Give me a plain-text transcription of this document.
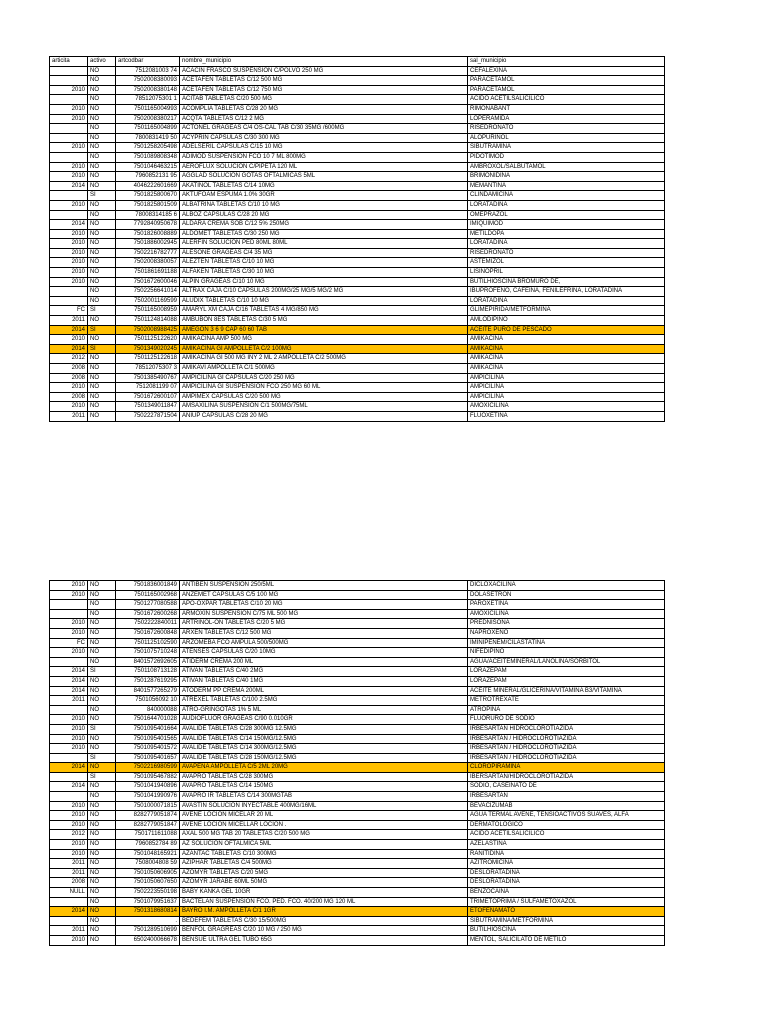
articita	activo	artcodbar	nombre_municipio	sal_municipio
	NO	7512081003 74	ACACIN FRASCO SUSPENSION C/POLVO 250 MG	CEFALEXINA
	NO	7502008380093	ACETAFEN TABLETAS C/12 500 MG	PARACETAMOL
2010	NO	7502008380148	ACETAFEN TABLETAS C/12 750 MG	PARACETAMOL
	NO	78512075301 1	ACITAB TABLETAS C/20 500 MG	ACIDO ACETILSALICILICO
2010	NO	7501165004993	ACOMPLIA TABLETAS C/28 20 MG	RIMONABANT
2010	NO	7502008380217	ACQTA TABLETAS C/12 2 MG	LOPERAMIDA
	NO	7501165004899	ACTONEL GRAGEAS C/4 OS-CAL TAB C/30 35MG /600MG	RISEDRONATO
	NO	7800831419 50	ACYPRIN CAPSULAS C/30 300 MG	ALOPURINOL
2010	NO	7501258205498	ADELSERIL CAPSULAS C/15 10 MG	SIBUTRAMINA
	NO	7501089808348	ADIMOD SUSPENSION FCO 10 7 ML 800MG	PIDOTIMOD
2010	NO	7501046463215	AEROFLUX SOLUCION C/PIPETA 120 ML	AMBROXOL/SALBUTAMOL
2010	NO	7960852131 95	AGGLAD SOLUCION GOTAS OFTALMICAS 5ML	BRIMONIDINA
2014	NO	4046222601669	AKATINOL TABLETAS C/14 10MG	MEMANTINA
	SI	7501825800670	AKTUFOAM ESPUMA 1.0% 30GR	CLINDAMICINA
2010	NO	7501825801509	ALBATRINA TABLETAS C/10 10 MG	LORATADINA
	NO	78008314185 6	ALBOZ CAPSULAS C/28 20 MG	OMEPRAZOL
2014	NO	7792840950678	ALDARA CREMA SOB C/12 5% 250MG	IMIQUIMOD
2010	NO	7501826008889	ALDOMET TABLETAS C/30 250 MG	METILDOPA
2010	NO	7501886002945	ALERFIN SOLUCION PED 80ML 80ML	LORATADINA
2010	NO	7502216782777	ALESONE GRAGEAS C/4 35 MG	RISEDRONATO
2010	NO	7502008380057	ALEZTEN TABLETAS C/10 10 MG	ASTEMIZOL
2010	NO	7501861691188	ALFAKEN TABLETAS C/30 10 MG	LISINOPRIL
2010	NO	7501672600046	ALPIN GRAGEAS C/10 10 MG	BUTILHIOSCINA BROMURO DE,
	NO	7502256641014	ALTRAX CAJA C/10 CAPSULAS 200MG/25 MG/5 MG/2 MG	IBUPROFENO, CAFEINA, FENILEFRINA, LORATADINA
	NO	7502001169599	ALUDIX TABLETAS C/10 10 MG	LORATADINA
FC	SI	7501165008959	AMARYL XM CAJA C/16 TABLETAS 4 MG/850 MG	GLIMEPIRIDA/METFORMINA
2011	NO	7501124814088	AMBUBON 8ES TABLETAS C/30 5 MG	AMLODIPINO
2014	SI	7502008988425	AMEGON 3 6 9 CAP 60 60 TAB	ACEITE PURO DE PESCADO
2010	NO	7501125122620	AMIKACINA AMP 500 MG	AMIKACINA
2014	SI	7501349020245	AMIKACINA GI AMPOLLETA C/2 100MG	AMIKACINA
2012	NO	7501125122618	AMIKACINA GI 500 MG INY 2 ML 2 AMPOLLETA C/2 500MG	AMIKACINA
2008	NO	78512075307 3	AMIKAVI AMPOLLETA C/1 500MG	AMIKACINA
2008	NO	7501385490767	AMPICILINA GI CAPSULAS C/20 250 MG	AMPICILINA
2010	NO	7512081199 07	AMPICILINA GI SUSPENSION FCO 250 MG 60 ML	AMPICILINA
2008	NO	7501672600107	AMPIMEX CAPSULAS C/20 500 MG	AMPICILINA
2010	NO	7501349011847	AMSAXILINA SUSPENSION C/1 500MG/75ML	AMOXICILINA
2011	NO	7502227871504	ANIUP CAPSULAS C/28 20 MG	FLUOXETINA
2010	NO	7501836001849	ANTIBEN SUSPENSION 250/5ML	DICLOXACILINA
2010	NO	7501165002968	ANZEMET CAPSULAS C/5 100 MG	DOLASETRON
	NO	7501277080588	APO-OXPAR TABLETAS C/10 20 MG	PAROXETINA
	NO	7501672600268	ARMOXIN SUSPENSION C/75 ML 500 MG	AMOXICILINA
2010	NO	7502222840011	ARTRINOL-ON TABLETAS C/20 5 MG	PREDNISONA
2010	NO	7501672600848	ARXEN TABLETAS C/12 500 MG	NAPROXENO
FC	NO	7501125102590	ARZOMEBA FCO AMPULA 500/500MG	IMINIPENEM/CILASTATINA
2010	NO	7501075710248	ATENSES CAPSULAS C/20 10MG	NIFEDIPINO
	NO	8401572692605	ATIDERM CREMA 200 ML	AGUA/ACEITEMINERAL/LANOLINA/SORBITOL
2014	SI	7501108713128	ATIVAN TABLETAS C/40 2MG	LORAZEPAM
2014	NO	7501287619295	ATIVAN TABLETAS C/40 1MG	LORAZEPAM
2014	NO	8401577265279	ATODERM PP CREMA 200ML	ACEITE MINERAL/GLICERINA/VITAMINA B3/VITAMINA
2011	NO	7501056092 10	ATREXEL TABLETAS C/100 2.5MG	METROTREXATE
	NO	840000088	ATRO-GRINGOTAS 1% 5 ML	ATROPINA
2010	NO	7501644701028	AUDIOFLUOR GRAGEAS C/90 0.010GR	FLUORURO DE SODIO
2010	SI	7501095401664	AVALIDE TABLETAS C/28 300MG 12.5MG	IRBESARTAN HIDROCLOROTIAZIDA
2010	NO	7501095401565	AVALIDE TABLETAS C/14 150MG/12.5MG	IRBESARTAN / HIDROCLOROTIAZIDA
2010	NO	7501095401572	AVALIDE TABLETAS C/14 300MG/12.5MG	IRBESARTAN / HIDROCLOROTIAZIDA
	SI	7501095401657	AVALIDE TABLETAS C/28 150MG/12.5MG	IRBESARTAN / HIDROCLOROTIAZIDA
2014	NO	7502216980599	AVAPENA AMPOLLETA C/5 2ML 20MG	CLOROPIRAMINA
	SI	7501095467882	AVAPRO TABLETAS C/28 300MG	IBERSARTAN/HIDROCLOROTIAZIDA
2014	NO	7501041940896	AVAPRO TABLETAS C/14 150MG	SODIO, CASEINATO DE
	NO	7501041990976	AVAPRO IR TABLETAS C/14 300MGTAB	IRBESARTAN
2010	NO	7501000071815	AVASTIN SOLUCION INYECTABLE 400MG/16ML	BEVACIZUMAB
2010	NO	8282779051874	AVENE LOCION MICELAR 20 ML	AGUA TERMAL AVENE, TENSIOACTIVOS SUAVES, ALFA
2010	NO	8282779051847	AVENE LOCION MICELLAR LOCION .	DERMATOLOGICO
2012	NO	7501711611088	AXAL 500 MG TAB 20 TABLETAS C/20 500 MG	ACIDO ACETILSALICILICO
2010	NO	7960852784 89	AZ SOLUCION OFTALMICA 5ML	AZELASTINA
2010	NO	7501048165921	AZANTAC TABLETAS C/10 300MG	RANITIDINA
2011	NO	7508004808 59	AZIPHAR TABLETAS C/4 500MG	AZITROMICINA
2011	NO	7501050606905	AZOMYR TABLETAS C/20 5MG	DESLORATADINA
2008	NO	7501050607650	AZOMYR JARABE 60ML 50MG	DESLORATADINA
NULL	NO	7502223550198	BABY KANKA GEL 10GR	BENZOCAINA
	NO	7501079951637	BACTELAN SUSPENSION FCO. PED. FCO. 40/200 MG 120 ML	TRIMETOPRIMA / SULFAMETOXAZOL
2014	NO	7501318680814	BAYRO I.M. AMPOLLETA C/1 1GR	ETOFENAMATO
	NO	.	BEDEFEM TABLETAS C/30 15/500MG	SIBUTRAMINA/METFORMINA
2011	NO	7501289510699	BENFOL GRAGREAS C/20 10 MG / 250 MG	BUTILHIOSCINA
2010	NO	6502400066678	BENSUE ULTRA GEL TUBO 65G	MENTOL, SALICILATO DE METILO
